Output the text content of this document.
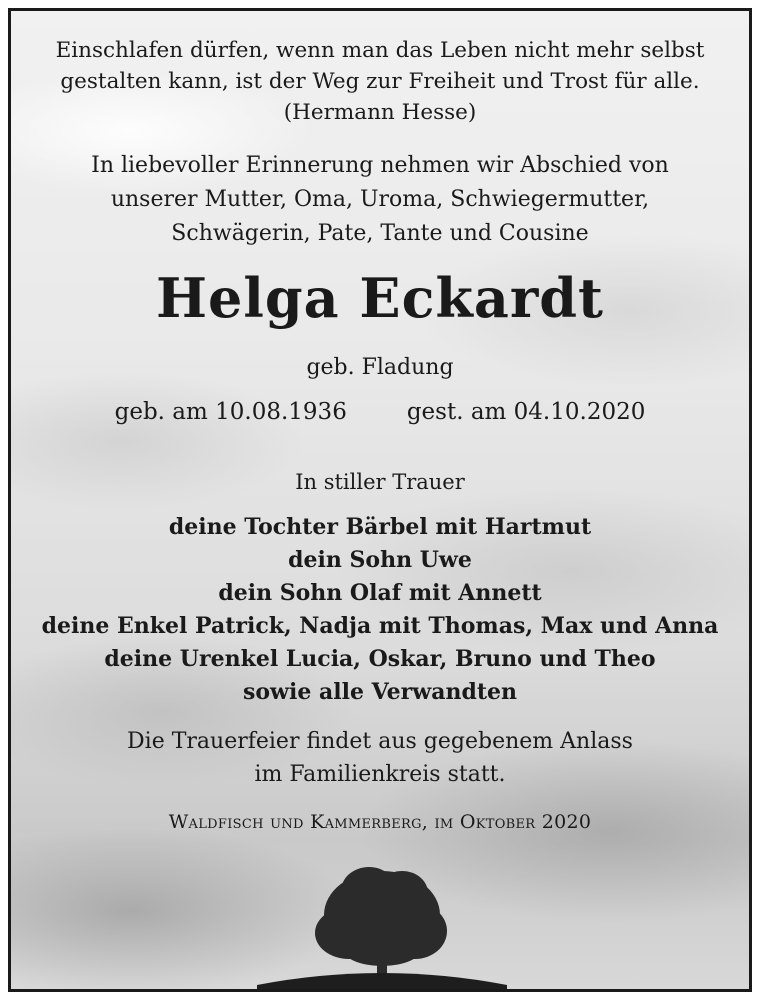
Einschlafen dürfen, wenn man das Leben nicht mehr selbst

gestalten kann, ist der Weg zur Freiheit und Trost für alle.

(Hermann Hesse)

In liebevoller Erinnerung nehmen wir Abschied von

unserer Mutter, Oma, Uroma, Schwiegermutter,

Schwägerin, Pate, Tante und Cousine

Helga Eckardt

geb. Fladung

geb. am 10.08.1936	gest. am 04.10.2020

In stiller Trauer

deine Tochter Bärbel mit Hartmut

dein Sohn Uwe

dein Sohn Olaf mit Annett

deine Enkel Patrick, Nadja mit Thomas, Max und Anna

deine Urenkel Lucia, Oskar, Bruno und Theo

sowie alle Verwandten

Die Trauerfeier findet aus gegebenem Anlass

im Familienkreis statt.

Waldfisch und Kammerberg, im Oktober 2020
